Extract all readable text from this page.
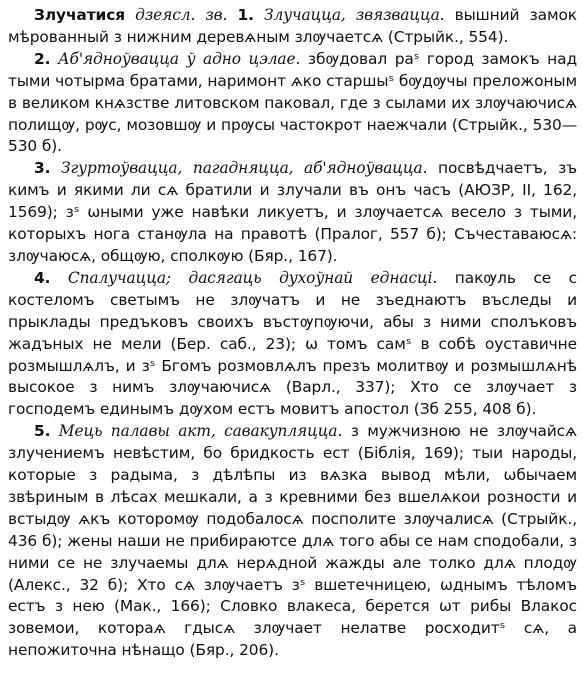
Злучатися дзеясл. зв. 1. Злучацца, звязвацца. вышний замок мѣрованный з нижним деревѧным злѹчаетсѧ (Стрыйк., 554).

2. Аб'ядноўвацца ў адно цэлае. збѹдовал раˢ город замокъ над тыми чотырма братами, наримонт ѧко старшыˢ бѹдѹчы преложоным в великом кнѧзстве литовском паковал, где з сылами их злѹчаючисѧ полищѹ, рѹс, мозовшѹ и прѹсы частокрот наежчали (Стрыйк., 530—530 б).

3. Згуртоўвацца, пагадняцца, аб'ядноўвацца. посвѣдчаетъ, зъ кимъ и якими ли сѧ братили и злучали въ онъ часъ (АЮЗР, II, 162, 1569); зˢ ѡными уже навѣки ликуетъ, и злѹчаетсѧ весело з тыми, которыхъ нога станѹла на правотѣ (Пралог, 557 б); Съчеставаюсѧ: злѹчаюсѧ, общѹю, сполкѹю (Бяр., 167).

4. Спалучацца; дасягаць духоўнай еднасці. пакѹль се с костеломъ светымъ не злѹчатъ и не зъеднаютъ въследы и прыклады предъковъ своихъ въстѹпѹючи, абы з ними сполъковъ жадъных не мели (Бер. саб., 23); ѡ томъ самˢ в собѣ оуставичне розмышлѧлъ, и зˢ Бгомъ розмовлѧлъ презъ молитвѹ и розмышлѧнѣ высокое з нимъ злѹчаючисѧ (Варл., 337); Хто се злѹчает з господемъ единымъ дѹхом естъ мовитъ апостол (Зб 255, 408 б).

5. Мець палавы акт, савакупляцца. з мужчизною не злѹчайсѧ злучениемъ невѣстим, бо бридкость ест (Біблія, 169); тыи народы, которые з радыма, з дѣлѣпы из вѧзка вывод мѣли, ѡбычаем звѣриным в лѣсах мешкали, а з кревними без вшелѧкои розности и встыдѹ ѧкъ которомѹ подобалосѧ посполите злѹчалисѧ (Стрыйк., 436 б); жены наши не прибираютсе длѧ того абы се нам сподобали, з ними се не злучаемы длѧ нерѧдной жажды але толко длѧ плодѹ (Алекс., 32 б); Хто сѧ злѹчаетъ зˢ вшетечницею, ѡднымъ тѣломъ естъ з нею (Мак., 166); Словко влакеса, берется ѡт рибы Влакос зовемои, котораѧ гдысѧ злѹчает нелатве росходитˢ сѧ, а непожиточна нѣнащо (Бяр., 206).
